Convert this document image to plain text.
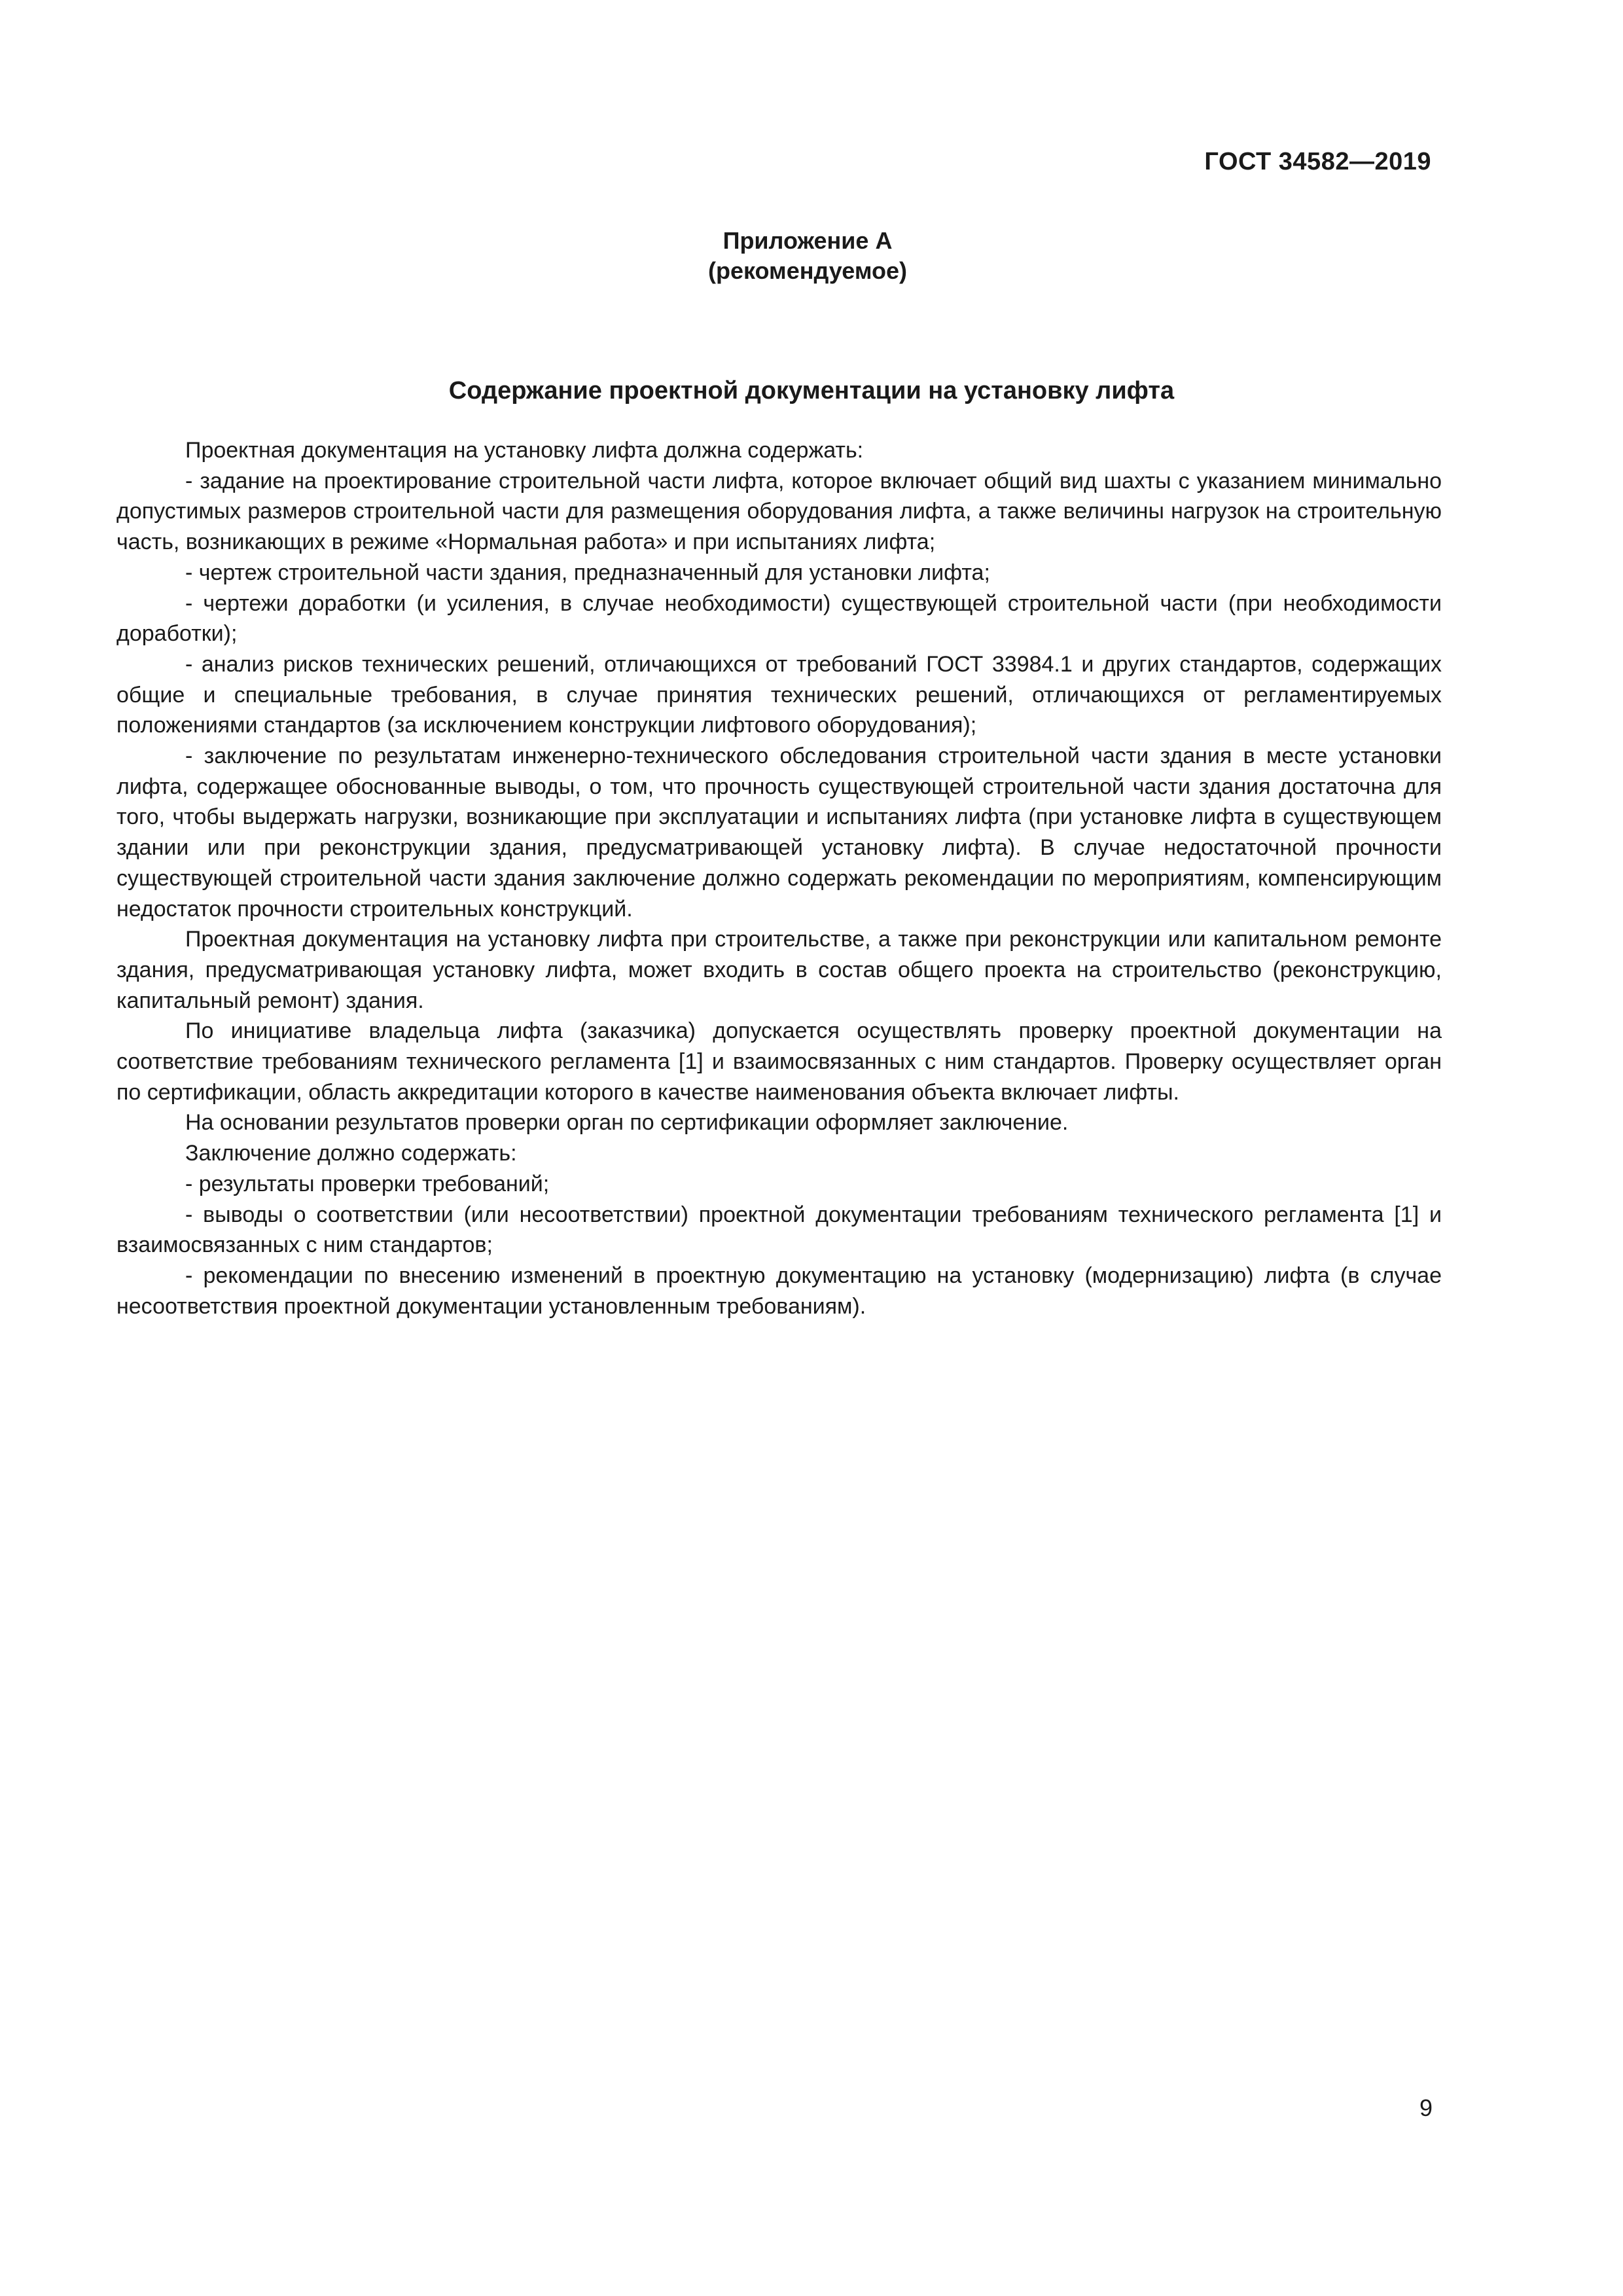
ГОСТ 34582—2019
Приложение А
(рекомендуемое)
Содержание проектной документации на установку лифта

Проектная документация на установку лифта должна содержать:

- задание на проектирование строительной части лифта, которое включает общий вид шахты с указанием минимально допустимых размеров строительной части для размещения оборудования лифта, а также величины нагрузок на строительную часть, возникающих в режиме «Нормальная работа» и при испытаниях лифта;

- чертеж строительной части здания, предназначенный для установки лифта;

- чертежи доработки (и усиления, в случае необходимости) существующей строительной части (при необходимости доработки);

- анализ рисков технических решений, отличающихся от требований ГОСТ 33984.1 и других стандартов, содержащих общие и специальные требования, в случае принятия технических решений, отличающихся от регламентируемых положениями стандартов (за исключением конструкции лифтового оборудования);

- заключение по результатам инженерно-технического обследования строительной части здания в месте установки лифта, содержащее обоснованные выводы, о том, что прочность существующей строительной части здания достаточна для того, чтобы выдержать нагрузки, возникающие при эксплуатации и испытаниях лифта (при установке лифта в существующем здании или при реконструкции здания, предусматривающей установку лифта). В случае недостаточной прочности существующей строительной части здания заключение должно содержать рекомендации по мероприятиям, компенсирующим недостаток прочности строительных конструкций.

Проектная документация на установку лифта при строительстве, а также при реконструкции или капитальном ремонте здания, предусматривающая установку лифта, может входить в состав общего проекта на строительство (реконструкцию, капитальный ремонт) здания.

По инициативе владельца лифта (заказчика) допускается осуществлять проверку проектной документации на соответствие требованиям технического регламента [1] и взаимосвязанных с ним стандартов. Проверку осуществляет орган по сертификации, область аккредитации которого в качестве наименования объекта включает лифты.

На основании результатов проверки орган по сертификации оформляет заключение.

Заключение должно содержать:

- результаты проверки требований;

- выводы о соответствии (или несоответствии) проектной документации требованиям технического регламента [1] и взаимосвязанных с ним стандартов;

- рекомендации по внесению изменений в проектную документацию на установку (модернизацию) лифта (в случае несоответствия проектной документации установленным требованиям).

9
